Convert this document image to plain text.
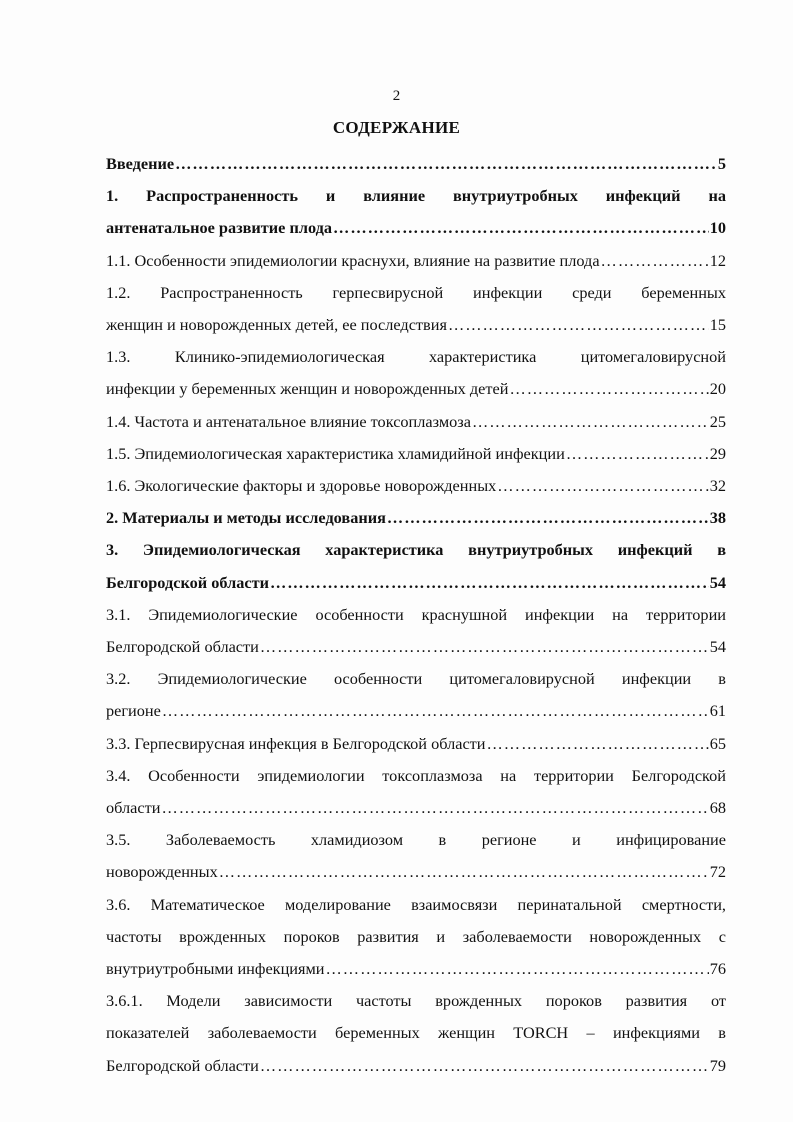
2
СОДЕРЖАНИЕ
Введение ………………………………………………………………………………………………………………………………………………	5
1. Распространенность и влияние внутриутробных инфекций на
антенатальное развитие плода ………………………………………………………………………………………………………………………………………………	10
1.1. Особенности эпидемиологии краснухи, влияние на развитие плода ………………………………………………………………………………………………………………………………………………	12
1.2. Распространенность герпесвирусной инфекции среди беременных
женщин и новорожденных детей, ее последствия ………………………………………………………………………………………………………………………………………………	15
1.3. Клинико-эпидемиологическая характеристика цитомегаловирусной
инфекции у беременных женщин и новорожденных детей ………………………………………………………………………………………………………………………………………………	20
1.4. Частота и антенатальное влияние токсоплазмоза ………………………………………………………………………………………………………………………………………………	25
1.5. Эпидемиологическая характеристика хламидийной инфекции ………………………………………………………………………………………………………………………………………………	29
1.6. Экологические факторы и здоровье новорожденных ………………………………………………………………………………………………………………………………………………	32
2. Материалы и методы исследования ………………………………………………………………………………………………………………………………………………	38
3. Эпидемиологическая характеристика внутриутробных инфекций в
Белгородской области ………………………………………………………………………………………………………………………………………………	54
3.1. Эпидемиологические особенности краснушной инфекции на территории
Белгородской области ………………………………………………………………………………………………………………………………………………	54
3.2. Эпидемиологические особенности цитомегаловирусной инфекции в
регионе ………………………………………………………………………………………………………………………………………………	61
3.3. Герпесвирусная инфекция в Белгородской области ………………………………………………………………………………………………………………………………………………	65
3.4. Особенности эпидемиологии токсоплазмоза на территории Белгородской
области ………………………………………………………………………………………………………………………………………………	68
3.5. Заболеваемость хламидиозом в регионе и инфицирование
новорожденных ………………………………………………………………………………………………………………………………………………	72
3.6. Математическое моделирование взаимосвязи перинатальной смертности,
частоты врожденных пороков развития и заболеваемости новорожденных с
внутриутробными инфекциями ………………………………………………………………………………………………………………………………………………	76
3.6.1. Модели зависимости частоты врожденных пороков развития от
показателей заболеваемости беременных женщин TORCH – инфекциями в
Белгородской области ………………………………………………………………………………………………………………………………………………	79
